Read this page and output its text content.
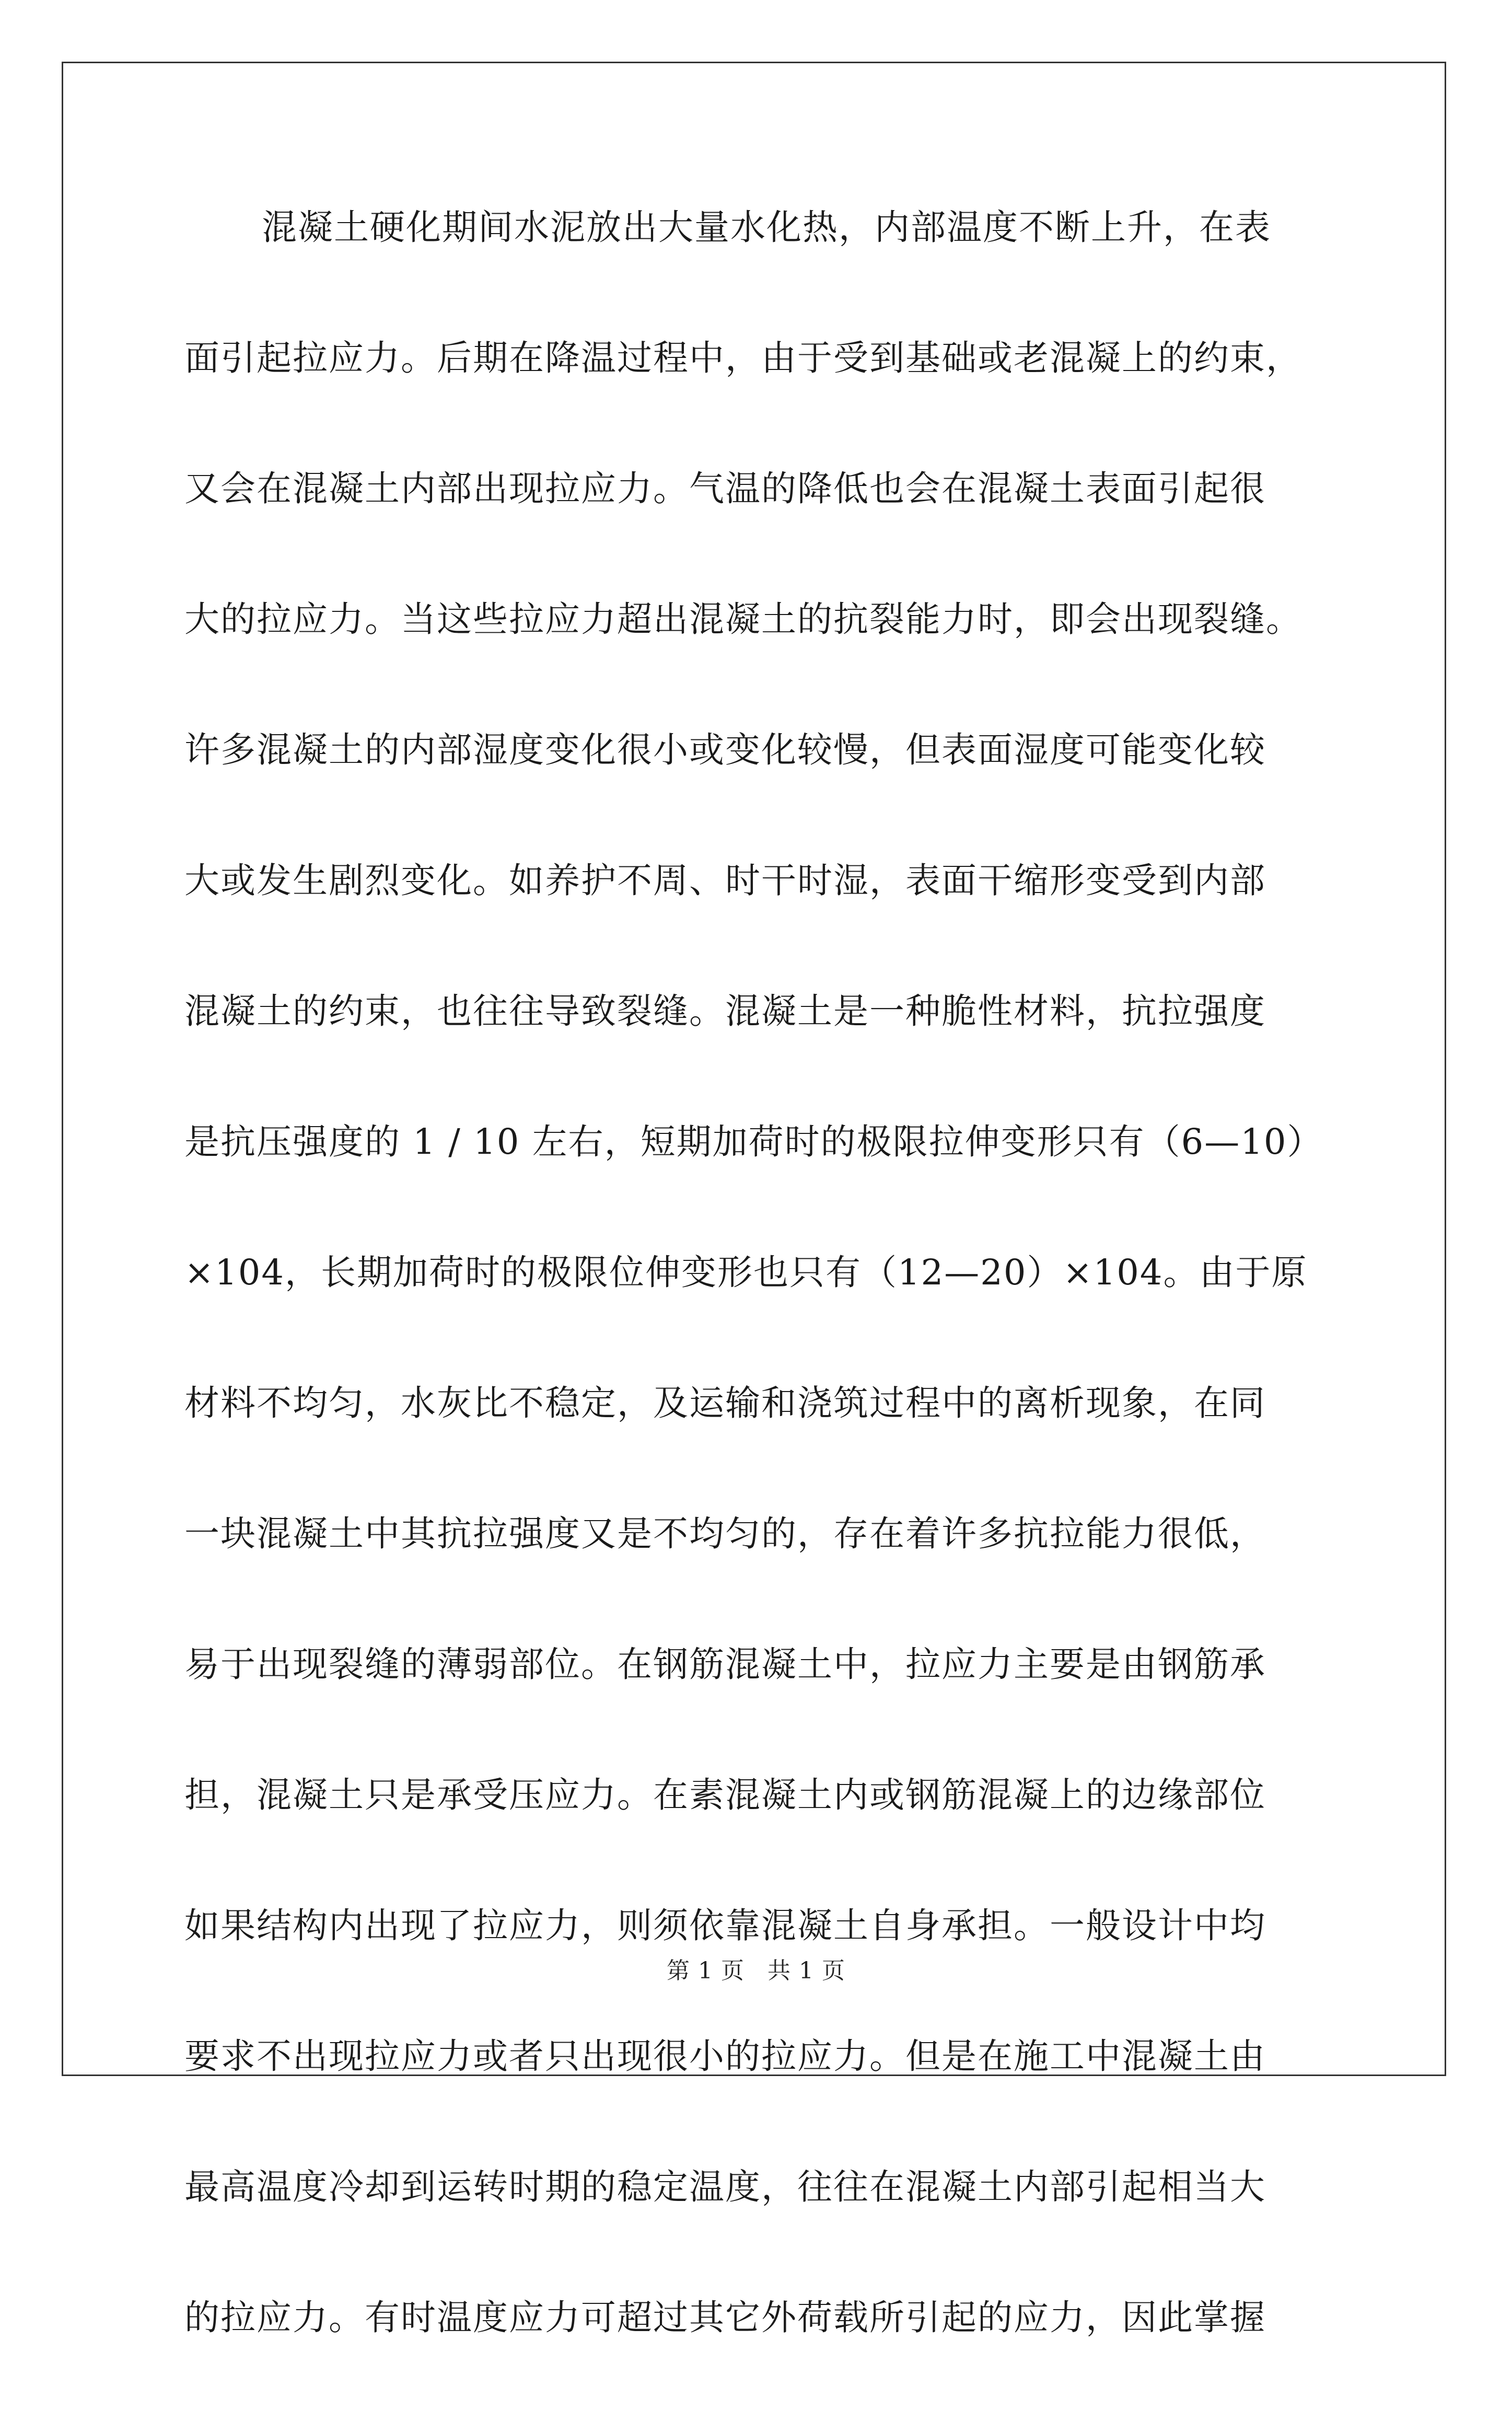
混凝土硬化期间水泥放出大量水化热，内部温度不断上升，在表
面引起拉应力。后期在降温过程中，由于受到基础或老混凝上的约束，
又会在混凝土内部出现拉应力。气温的降低也会在混凝土表面引起很
大的拉应力。当这些拉应力超出混凝土的抗裂能力时，即会出现裂缝。
许多混凝土的内部湿度变化很小或变化较慢，但表面湿度可能变化较
大或发生剧烈变化。如养护不周、时干时湿，表面干缩形变受到内部
混凝土的约束，也往往导致裂缝。混凝土是一种脆性材料，抗拉强度
是抗压强度的 1 / 10 左右，短期加荷时的极限拉伸变形只有（6—10）
×104，长期加荷时的极限位伸变形也只有（12—20）×104。由于原
材料不均匀，水灰比不稳定，及运输和浇筑过程中的离析现象，在同
一块混凝土中其抗拉强度又是不均匀的，存在着许多抗拉能力很低，
易于出现裂缝的薄弱部位。在钢筋混凝土中，拉应力主要是由钢筋承
担，混凝土只是承受压应力。在素混凝土内或钢筋混凝上的边缘部位
如果结构内出现了拉应力，则须依靠混凝土自身承担。一般设计中均
要求不出现拉应力或者只出现很小的拉应力。但是在施工中混凝土由
最高温度冷却到运转时期的稳定温度，往往在混凝土内部引起相当大
的拉应力。有时温度应力可超过其它外荷载所引起的应力，因此掌握
第 1 页 共 1 页
